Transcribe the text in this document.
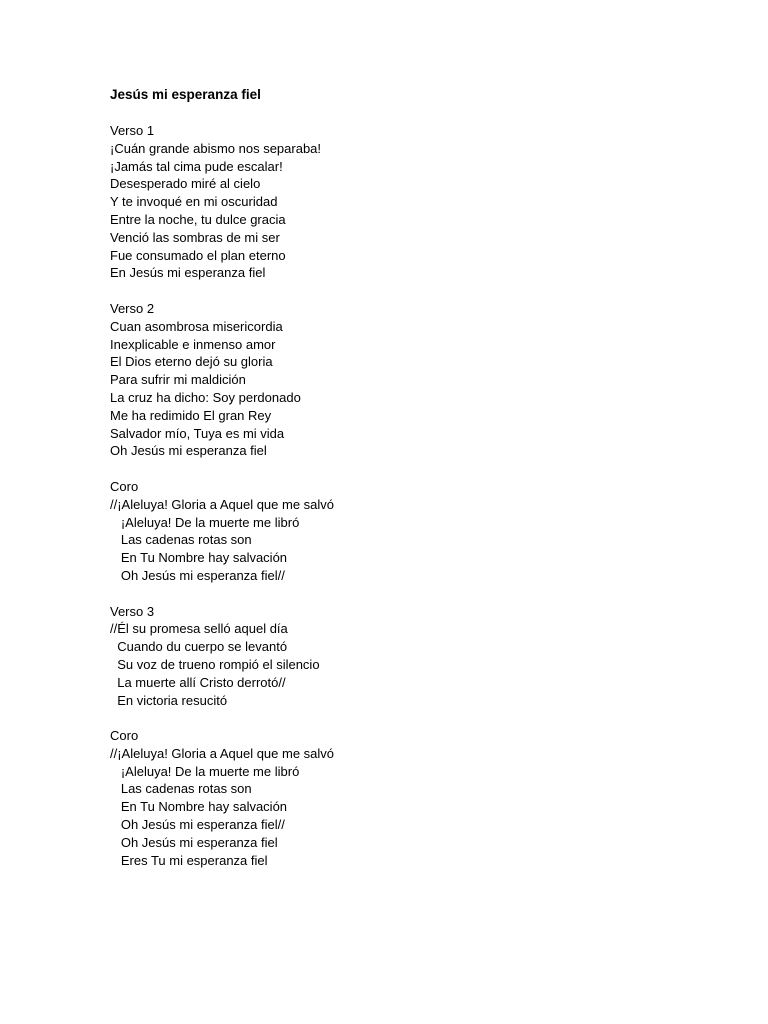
Jesús mi esperanza fiel
Verso 1
¡Cuán grande abismo nos separaba!
¡Jamás tal cima pude escalar!
Desesperado miré al cielo
Y te invoqué en mi oscuridad
Entre la noche, tu dulce gracia
Venció las sombras de mi ser
Fue consumado el plan eterno
En Jesús mi esperanza fiel
Verso 2
Cuan asombrosa misericordia
Inexplicable e inmenso amor
El Dios eterno dejó su gloria
Para sufrir mi maldición
La cruz ha dicho: Soy perdonado
Me ha redimido El gran Rey
Salvador mío, Tuya es mi vida
Oh Jesús mi esperanza fiel
Coro
//¡Aleluya! Gloria a Aquel que me salvó
¡Aleluya! De la muerte me libró
Las cadenas rotas son
En Tu Nombre hay salvación
Oh Jesús mi esperanza fiel//
Verso 3
//Él su promesa selló aquel día
Cuando du cuerpo se levantó
Su voz de trueno rompió el silencio
La muerte allí Cristo derrotó//
En victoria resucitó
Coro
//¡Aleluya! Gloria a Aquel que me salvó
¡Aleluya! De la muerte me libró
Las cadenas rotas son
En Tu Nombre hay salvación
Oh Jesús mi esperanza fiel//
Oh Jesús mi esperanza fiel
Eres Tu mi esperanza fiel
